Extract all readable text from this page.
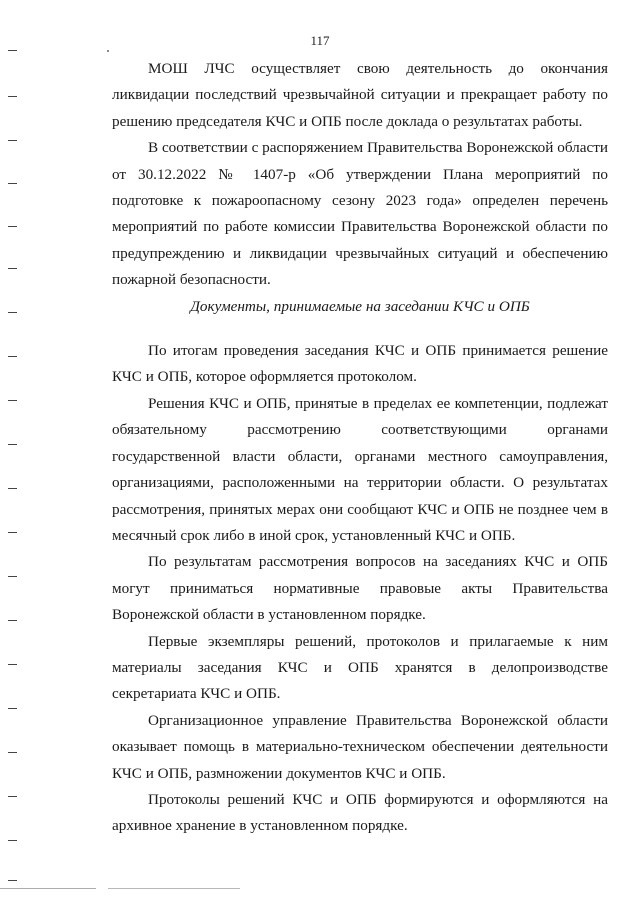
117

МОШ ЛЧС осуществляет свою деятельность до окончания ликвидации последствий чрезвычайной ситуации и прекращает работу по решению председателя КЧС и ОПБ после доклада о результатах работы.

В соответствии с распоряжением Правительства Воронежской области от 30.12.2022 № 1407-р «Об утверждении Плана мероприятий по подготовке к пожароопасному сезону 2023 года» определен перечень мероприятий по работе комиссии Правительства Воронежской области по предупреждению и ликвидации чрезвычайных ситуаций и обеспечению пожарной безопасности.

Документы, принимаемые на заседании КЧС и ОПБ

По итогам проведения заседания КЧС и ОПБ принимается решение КЧС и ОПБ, которое оформляется протоколом.

Решения КЧС и ОПБ, принятые в пределах ее компетенции, подлежат обязательному рассмотрению соответствующими органами государственной власти области, органами местного самоуправления, организациями, расположенными на территории области. О результатах рассмотрения, принятых мерах они сообщают КЧС и ОПБ не позднее чем в месячный срок либо в иной срок, установленный КЧС и ОПБ.

По результатам рассмотрения вопросов на заседаниях КЧС и ОПБ могут приниматься нормативные правовые акты Правительства Воронежской области в установленном порядке.

Первые экземпляры решений, протоколов и прилагаемые к ним материалы заседания КЧС и ОПБ хранятся в делопроизводстве секретариата КЧС и ОПБ.

Организационное управление Правительства Воронежской области оказывает помощь в материально-техническом обеспечении деятельности КЧС и ОПБ, размножении документов КЧС и ОПБ.

Протоколы решений КЧС и ОПБ формируются и оформляются на архивное хранение в установленном порядке.
